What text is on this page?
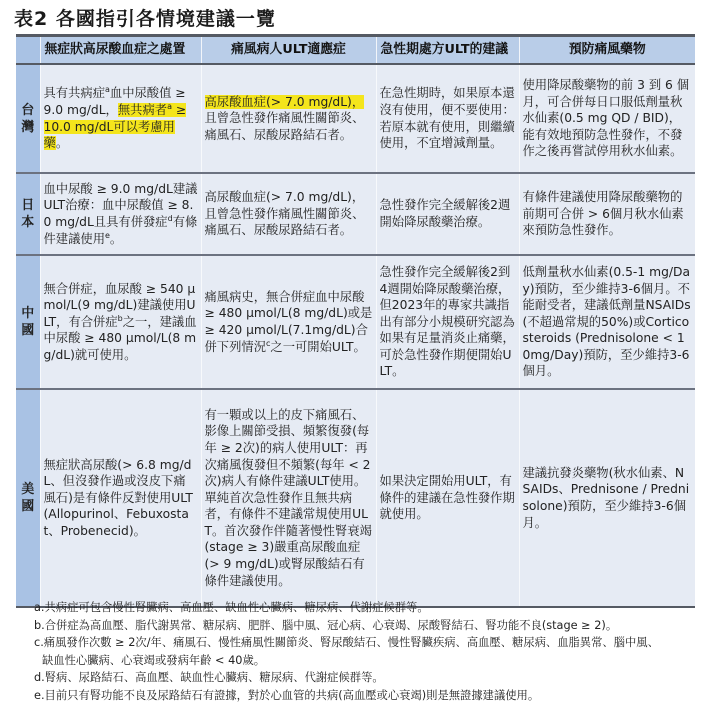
表2 各國指引各情境建議一覽
	無症狀高尿酸血症之處置	痛風病人ULT適應症	急性期處方ULT的建議	預防痛風藥物
台灣	具有共病症$^a$血中尿酸值 ≥ 9.0 mg/dL，無共病者$^a$ ≥ 10.0 mg/dL可以考慮用藥。	高尿酸血症(> 7.0 mg/dL)，且曾急性發作痛風性關節炎、痛風石、尿酸尿路結石者。	在急性期時，如果原本還沒有使用，便不要使用：若原本就有使用，則繼續使用，不宜增減劑量。	使用降尿酸藥物的前 3 到 6 個月，可合併每日口服低劑量秋水仙素(0.5 mg QD / BID)，能有效地預防急性發作，不發作之後再嘗試停用秋水仙素。
日本	血中尿酸 ≥ 9.0 mg/dL建議ULT治療：血中尿酸值 ≥ 8.0 mg/dL且具有併發症$^d$有條件建議使用$^e$。	高尿酸血症(> 7.0 mg/dL)，且曾急性發作痛風性關節炎、痛風石、尿酸尿路結石者。	急性發作完全緩解後2週開始降尿酸藥治療。	有條件建議使用降尿酸藥物的前期可合併 > 6個月秋水仙素來預防急性發作。
中國	無合併症，血尿酸 ≥ 540 μmol/L(9 mg/dL)建議使用ULT，有合併症$^b$之一，建議血中尿酸 ≥ 480 μmol/L(8 mg/dL)就可使用。	痛風病史，無合併症血中尿酸 ≥ 480 μmol/L(8 mg/dL)或是 ≥ 420 μmol/L(7.1mg/dL)合併下列情況$^c$之一可開始ULT。	急性發作完全緩解後2到4週開始降尿酸藥治療，但2023年的專家共識指出有部分小規模研究認為如果有足量消炎止痛藥，可於急性發作期便開始ULT。	低劑量秋水仙素(0.5-1 mg/Day)預防，至少維持3-6個月。不能耐受者，建議低劑量NSAIDs(不超過常規的50%)或Corticosteroids (Prednisolone < 10mg/Day)預防，至少維持3-6個月。
美國	無症狀高尿酸(> 6.8 mg/dL、但沒發作過或沒皮下痛風石)是有條件反對使用ULT (Allopurinol、Febuxostat、Probenecid)。	有一顆或以上的皮下痛風石、影像上關節受損、頻繁復發(每年 ≥ 2次)的病人使用ULT：再次痛風復發但不頻繁(每年 < 2次)病人有條件建議ULT使用。單純首次急性發作且無共病者，有條件不建議常規使用ULT。首次發作伴隨著慢性腎衰竭(stage ≥ 3)嚴重高尿酸血症(> 9 mg/dL)或腎尿酸結石有條件建議使用。	如果決定開始用ULT，有條件的建議在急性發作期就使用。	建議抗發炎藥物(秋水仙素、NSAIDs、Prednisone / Prednisolone)預防，至少維持3-6個月。
a.共病症可包含慢性腎臟病、高血壓、缺血性心臟病、糖尿病、代謝症候群等。
b.合併症為高血壓、脂代謝異常、糖尿病、肥胖、腦中風、冠心病、心衰竭、尿酸腎結石、腎功能不良(stage ≥ 2)。
c.痛風發作次數 ≥ 2次/年、痛風石、慢性痛風性關節炎、腎尿酸結石、慢性腎臟疾病、高血壓、糖尿病、血脂異常、腦中風、
缺血性心臟病、心衰竭或發病年齡 < 40歲。
d.腎病、尿路結石、高血壓、缺血性心臟病、糖尿病、代謝症候群等。
e.目前只有腎功能不良及尿路結石有證據，對於心血管的共病(高血壓或心衰竭)則是無證據建議使用。
